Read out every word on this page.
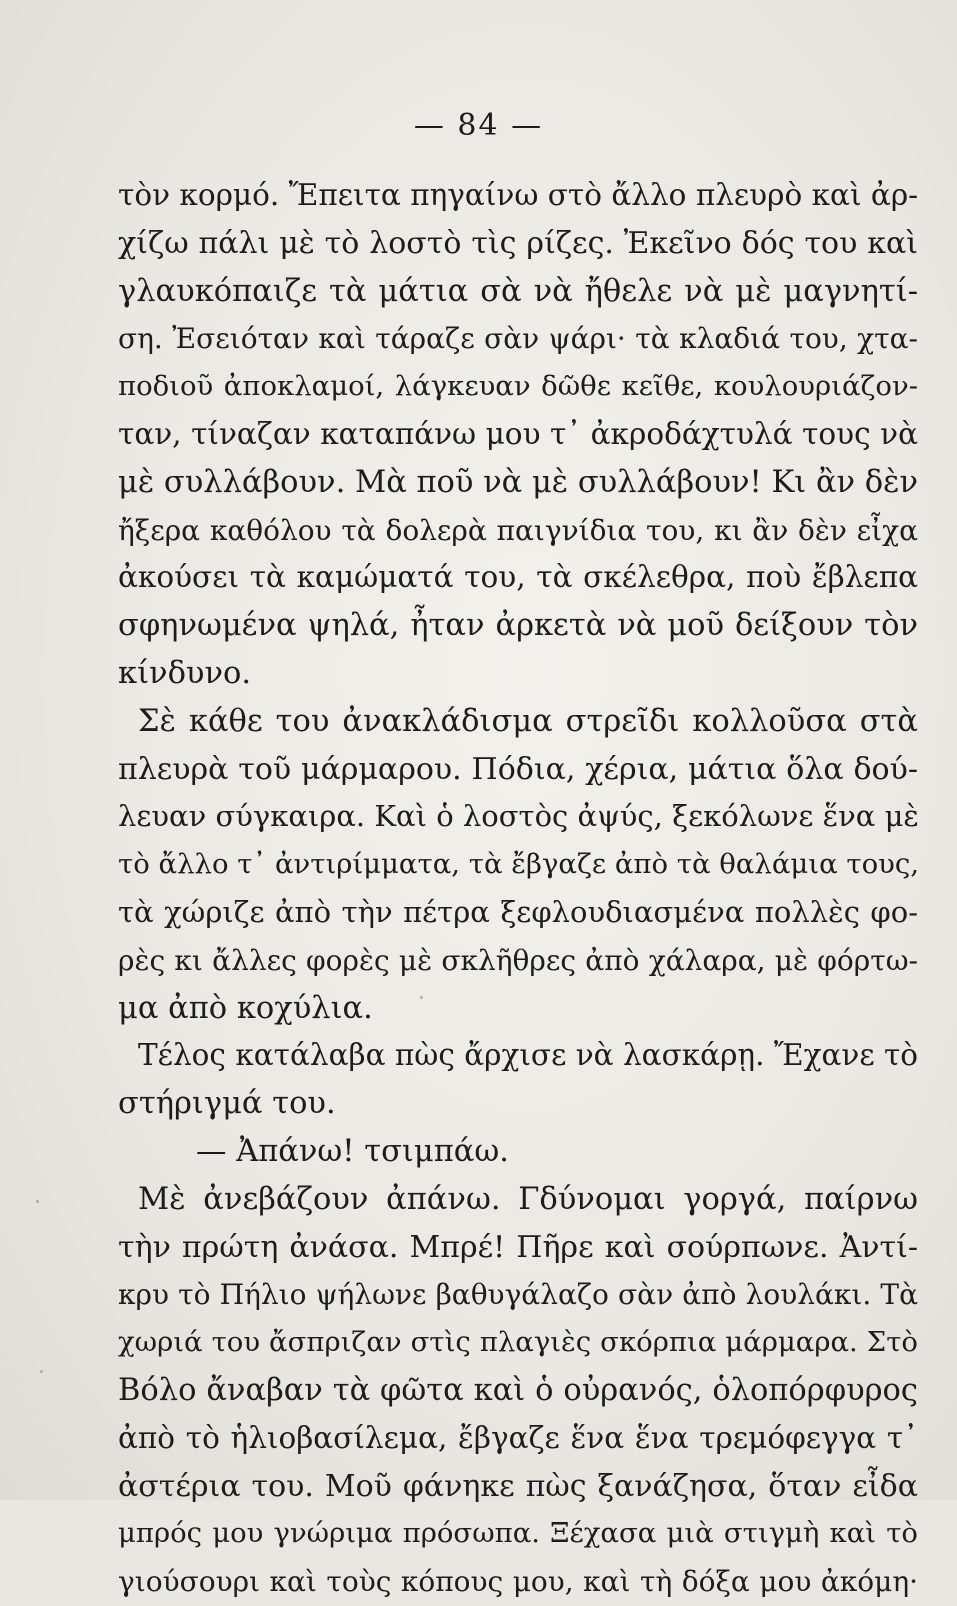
— 84 —
τὸν κορμό. Ἔπειτα πηγαίνω στὸ ἄλλο πλευρὸ καὶ ἀρ-
χίζω πάλι μὲ τὸ λοστὸ τὶς ρίζες. Ἐκεῖνο δός του καὶ
γλαυκόπαιζε τὰ μάτια σὰ νὰ ἤθελε νὰ μὲ μαγνητί-
ση. Ἐσειόταν καὶ τάραζε σὰν ψάρι· τὰ κλαδιά του, χτα-
ποδιοῦ ἀποκλαμοί, λάγκευαν δῶθε κεῖθε, κουλουριάζον-
ταν, τίναζαν καταπάνω μου τ᾽ ἀκροδάχτυλά τους νὰ
μὲ συλλάβουν. Μὰ ποῦ νὰ μὲ συλλάβουν! Κι ἂν δὲν
ἤξερα καθόλου τὰ δολερὰ παιγνίδια του, κι ἂν δὲν εἶχα
ἀκούσει τὰ καμώματά του, τὰ σκέλεθρα, ποὺ ἔβλεπα
σφηνωμένα ψηλά, ἦταν ἀρκετὰ νὰ μοῦ δείξουν τὸν
κίνδυνο.
Σὲ κάθε του ἀνακλάδισμα στρεῖδι κολλοῦσα στὰ
πλευρὰ τοῦ μάρμαρου. Πόδια, χέρια, μάτια ὅλα δού-
λευαν σύγκαιρα. Καὶ ὁ λοστὸς ἀψύς, ξεκόλωνε ἕνα μὲ
τὸ ἄλλο τ᾽ ἀντιρίμματα, τὰ ἔβγαζε ἀπὸ τὰ θαλάμια τους,
τὰ χώριζε ἀπὸ τὴν πέτρα ξεφλουδιασμένα πολλὲς φο-
ρὲς κι ἄλλες φορὲς μὲ σκλῆθρες ἀπὸ χάλαρα, μὲ φόρτω-
μα ἀπὸ κοχύλια.
Τέλος κατάλαβα πὼς ἄρχισε νὰ λασκάρῃ. Ἔχανε τὸ
στήριγμά του.
— Ἀπάνω! τσιμπάω.
Μὲ ἀνεβάζουν ἀπάνω. Γδύνομαι γοργά, παίρνω
τὴν πρώτη ἀνάσα. Μπρέ! Πῆρε καὶ σούρπωνε. Ἀντί-
κρυ τὸ Πήλιο ψήλωνε βαθυγάλαζο σὰν ἀπὸ λουλάκι. Τὰ
χωριά του ἄσπριζαν στὶς πλαγιὲς σκόρπια μάρμαρα. Στὸ
Βόλο ἄναβαν τὰ φῶτα καὶ ὁ οὐρανός, ὁλοπόρφυρος
ἀπὸ τὸ ἡλιοβασίλεμα, ἔβγαζε ἕνα ἕνα τρεμόφεγγα τ᾽
ἀστέρια του. Μοῦ φάνηκε πὼς ξανάζησα, ὅταν εἶδα
μπρός μου γνώριμα πρόσωπα. Ξέχασα μιὰ στιγμὴ καὶ τὸ
γιούσουρι καὶ τοὺς κόπους μου, καὶ τὴ δόξα μου ἀκόμη·
